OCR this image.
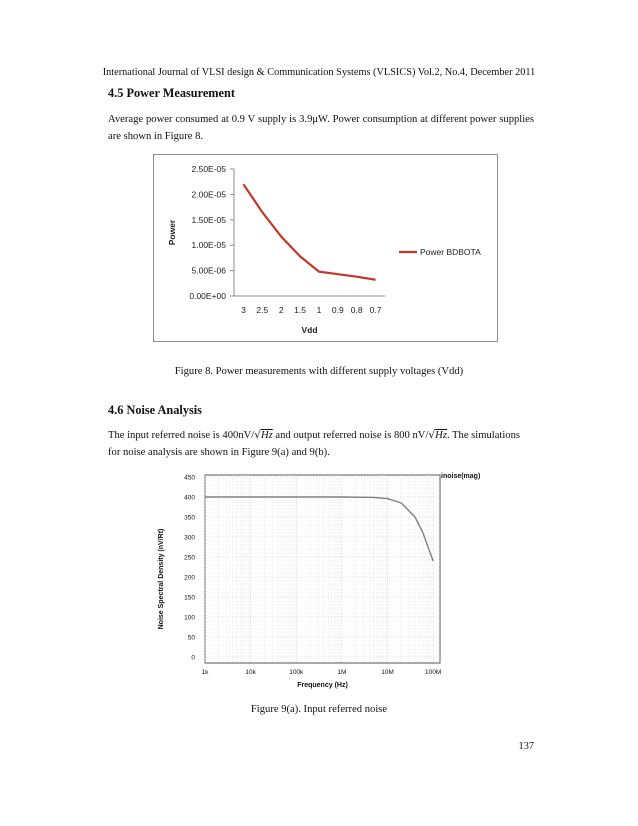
International Journal of VLSI design & Communication Systems (VLSICS) Vol.2, No.4, December 2011
4.5 Power Measurement
Average power consumed at 0.9 V supply is 3.9μW. Power consumption at different power supplies are shown in Figure 8.
0.00E+00
5.00E-06
1.00E-05
1.50E-05
2.00E-05
2.50E-05
3 2.5 2 1.5 1 0.9 0.8 0.7
Vdd
Power
Power BDBOTA
Figure 8. Power measurements with different supply voltages (Vdd)
4.6 Noise Analysis
The input referred noise is 400nV/√Hz and output referred noise is 800 nV/√Hz. The simulations
for noise analysis are shown in Figure 9(a) and 9(b).
0
50
100
150
200
250
300
350
400
450
1k	10k	100k	1M	10M	100M
inoise(mag)
Frequency (Hz)
Noise Spectral Density (nV/Rt)
Figure 9(a). Input referred noise
137
